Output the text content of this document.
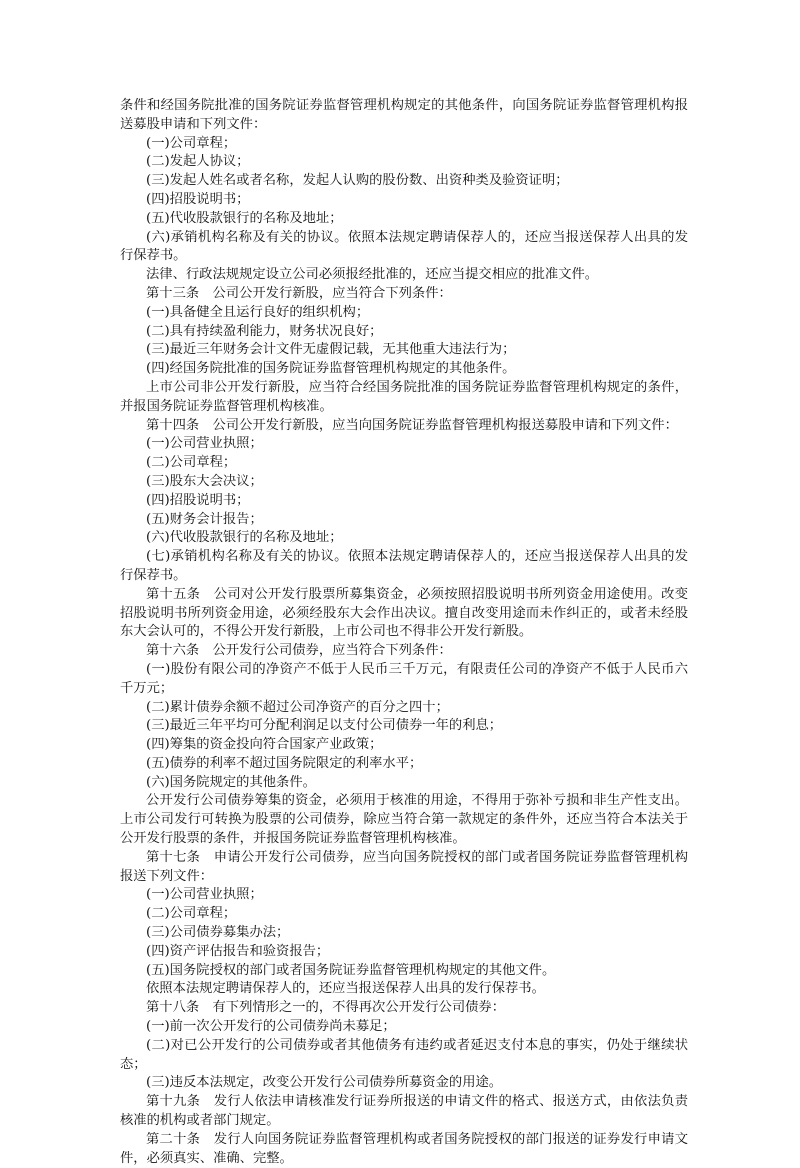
条件和经国务院批准的国务院证券监督管理机构规定的其他条件，向国务院证券监督管理机构报送募股申请和下列文件：

(一)公司章程；

(二)发起人协议；

(三)发起人姓名或者名称，发起人认购的股份数、出资种类及验资证明；

(四)招股说明书；

(五)代收股款银行的名称及地址；

(六)承销机构名称及有关的协议。依照本法规定聘请保荐人的，还应当报送保荐人出具的发行保荐书。

法律、行政法规规定设立公司必须报经批准的，还应当提交相应的批准文件。

第十三条　公司公开发行新股，应当符合下列条件：

(一)具备健全且运行良好的组织机构；

(二)具有持续盈利能力，财务状况良好；

(三)最近三年财务会计文件无虚假记载，无其他重大违法行为；

(四)经国务院批准的国务院证券监督管理机构规定的其他条件。

上市公司非公开发行新股，应当符合经国务院批准的国务院证券监督管理机构规定的条件，并报国务院证券监督管理机构核准。

第十四条　公司公开发行新股，应当向国务院证券监督管理机构报送募股申请和下列文件：

(一)公司营业执照；

(二)公司章程；

(三)股东大会决议；

(四)招股说明书；

(五)财务会计报告；

(六)代收股款银行的名称及地址；

(七)承销机构名称及有关的协议。依照本法规定聘请保荐人的，还应当报送保荐人出具的发行保荐书。

第十五条　公司对公开发行股票所募集资金，必须按照招股说明书所列资金用途使用。改变招股说明书所列资金用途，必须经股东大会作出决议。擅自改变用途而未作纠正的，或者未经股东大会认可的，不得公开发行新股，上市公司也不得非公开发行新股。

第十六条　公开发行公司债券，应当符合下列条件：

(一)股份有限公司的净资产不低于人民币三千万元，有限责任公司的净资产不低于人民币六千万元；

(二)累计债券余额不超过公司净资产的百分之四十；

(三)最近三年平均可分配利润足以支付公司债券一年的利息；

(四)筹集的资金投向符合国家产业政策；

(五)债券的利率不超过国务院限定的利率水平；

(六)国务院规定的其他条件。

公开发行公司债券筹集的资金，必须用于核准的用途，不得用于弥补亏损和非生产性支出。上市公司发行可转换为股票的公司债券，除应当符合第一款规定的条件外，还应当符合本法关于公开发行股票的条件，并报国务院证券监督管理机构核准。

第十七条　申请公开发行公司债券，应当向国务院授权的部门或者国务院证券监督管理机构报送下列文件：

(一)公司营业执照；

(二)公司章程；

(三)公司债券募集办法；

(四)资产评估报告和验资报告；

(五)国务院授权的部门或者国务院证券监督管理机构规定的其他文件。

依照本法规定聘请保荐人的，还应当报送保荐人出具的发行保荐书。

第十八条　有下列情形之一的，不得再次公开发行公司债券：

(一)前一次公开发行的公司债券尚未募足；

(二)对已公开发行的公司债券或者其他债务有违约或者延迟支付本息的事实，仍处于继续状态；

(三)违反本法规定，改变公开发行公司债券所募资金的用途。

第十九条　发行人依法申请核准发行证券所报送的申请文件的格式、报送方式，由依法负责核准的机构或者部门规定。

第二十条　发行人向国务院证券监督管理机构或者国务院授权的部门报送的证券发行申请文件，必须真实、准确、完整。
